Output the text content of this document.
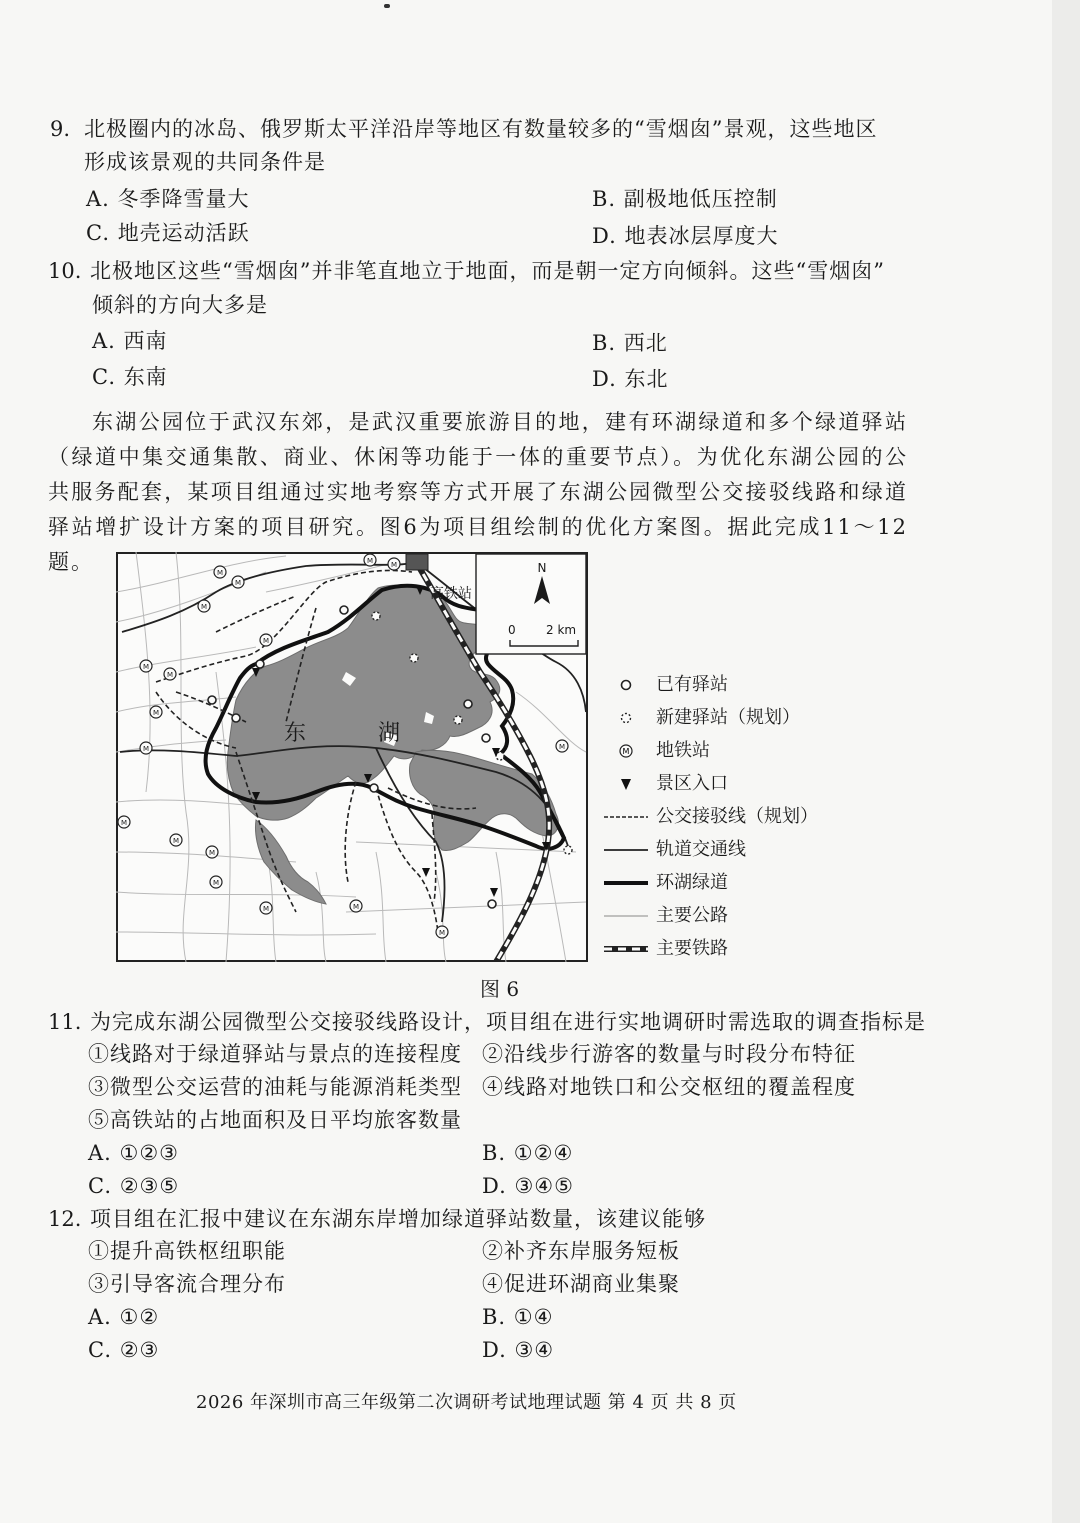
9. 北极圈内的冰岛、俄罗斯太平洋沿岸等地区有数量较多的“雪烟囱”景观，这些地区
形成该景观的共同条件是
A. 冬季降雪量大	B. 副极地低压控制
C. 地壳运动活跃	D. 地表冰层厚度大
10. 北极地区这些“雪烟囱”并非笔直地立于地面，而是朝一定方向倾斜。这些“雪烟囱”
倾斜的方向大多是
A. 西南	B. 西北
C. 东南	D. 东北
东湖公园位于武汉东郊，是武汉重要旅游目的地，建有环湖绿道和多个绿道驿站（绿道中集交通集散、商业、休闲等功能于一体的重要节点）。为优化东湖公园的公共服务配套，某项目组通过实地考察等方式开展了东湖公园微型公交接驳线路和绿道驿站增扩设计方案的项目研究。图6为项目组绘制的优化方案图。据此完成11～12题。	M
M
M
M	M
M
M
M
M
M
M
M
M
M
M
M
M
M
东	湖
高铁站
N
0	2 km
已有驿站
新建驿站（规划）
M 地铁站
景区入口
公交接驳线（规划）
轨道交通线
环湖绿道
主要公路
主要铁路
图 6
11. 为完成东湖公园微型公交接驳线路设计，项目组在进行实地调研时需选取的调查指标是
①线路对于绿道驿站与景点的连接程度 ②沿线步行游客的数量与时段分布特征
③微型公交运营的油耗与能源消耗类型 ④线路对地铁口和公交枢纽的覆盖程度
⑤高铁站的占地面积及日平均旅客数量
A. ①②③	B. ①②④
C. ②③⑤	D. ③④⑤
12. 项目组在汇报中建议在东湖东岸增加绿道驿站数量，该建议能够
①提升高铁枢纽职能	②补齐东岸服务短板
③引导客流合理分布	④促进环湖商业集聚
A. ①②	B. ①④
C. ②③	D. ③④
2026 年深圳市高三年级第二次调研考试地理试题 第 4 页 共 8 页
